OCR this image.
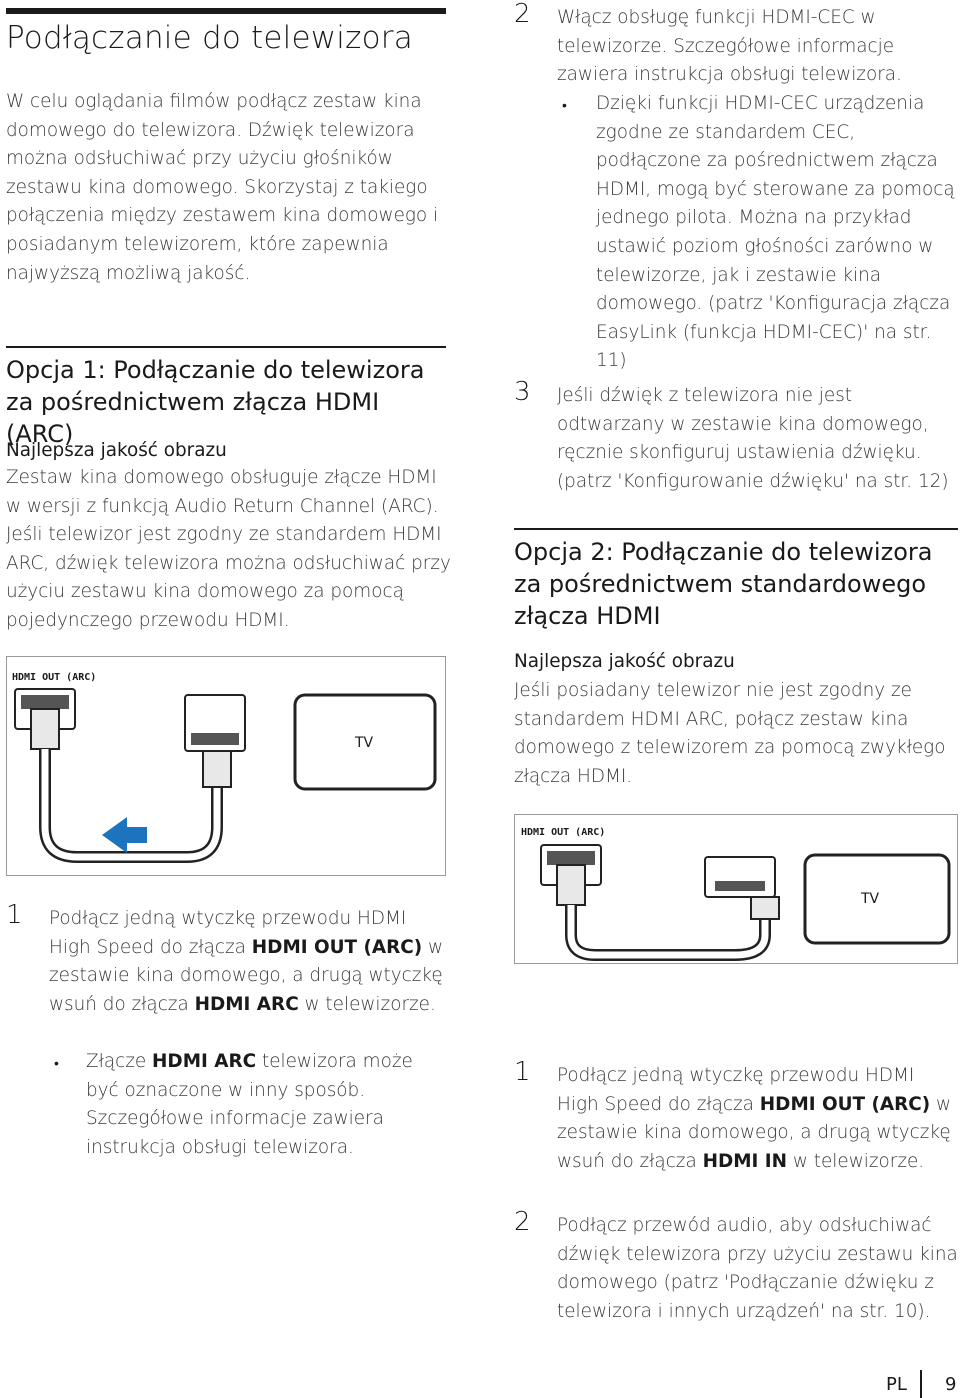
Podłączanie do telewizora
W celu oglądania filmów podłącz zestaw kina domowego do telewizora. Dźwięk telewizora można odsłuchiwać przy użyciu głośników zestawu kina domowego. Skorzystaj z takiego połączenia między zestawem kina domowego i posiadanym telewizorem, które zapewnia najwyższą możliwą jakość.
Opcja 1: Podłączanie do telewizora za pośrednictwem złącza HDMI (ARC)
Najlepsza jakość obrazu
Zestaw kina domowego obsługuje złącze HDMI w wersji z funkcją Audio Return Channel (ARC). Jeśli telewizor jest zgodny ze standardem HDMI ARC, dźwięk telewizora można odsłuchiwać przy użyciu zestawu kina domowego za pomocą pojedynczego przewodu HDMI.
HDMI OUT (ARC)
TV
1 Podłącz jedną wtyczkę przewodu HDMI High Speed do złącza HDMI OUT (ARC) w zestawie kina domowego, a drugą wtyczkę wsuń do złącza HDMI ARC w telewizorze.
• Złącze HDMI ARC telewizora może być oznaczone w inny sposób. Szczegółowe informacje zawiera instrukcja obsługi telewizora.
2 Włącz obsługę funkcji HDMI-CEC w telewizorze. Szczegółowe informacje zawiera instrukcja obsługi telewizora.
• Dzięki funkcji HDMI-CEC urządzenia zgodne ze standardem CEC, podłączone za pośrednictwem złącza HDMI, mogą być sterowane za pomocą jednego pilota. Można na przykład ustawić poziom głośności zarówno w telewizorze, jak i zestawie kina domowego. (patrz 'Konfiguracja złącza EasyLink (funkcja HDMI-CEC)' na str. 11)
3 Jeśli dźwięk z telewizora nie jest odtwarzany w zestawie kina domowego, ręcznie skonfiguruj ustawienia dźwięku. (patrz 'Konfigurowanie dźwięku' na str. 12)
Opcja 2: Podłączanie do telewizora za pośrednictwem standardowego złącza HDMI
Najlepsza jakość obrazu
Jeśli posiadany telewizor nie jest zgodny ze standardem HDMI ARC, połącz zestaw kina domowego z telewizorem za pomocą zwykłego złącza HDMI.
HDMI OUT (ARC)
TV
1 Podłącz jedną wtyczkę przewodu HDMI High Speed do złącza HDMI OUT (ARC) w zestawie kina domowego, a drugą wtyczkę wsuń do złącza HDMI IN w telewizorze.
2 Podłącz przewód audio, aby odsłuchiwać dźwięk telewizora przy użyciu zestawu kina domowego (patrz 'Podłączanie dźwięku z telewizora i innych urządzeń' na str. 10).
PL 9
